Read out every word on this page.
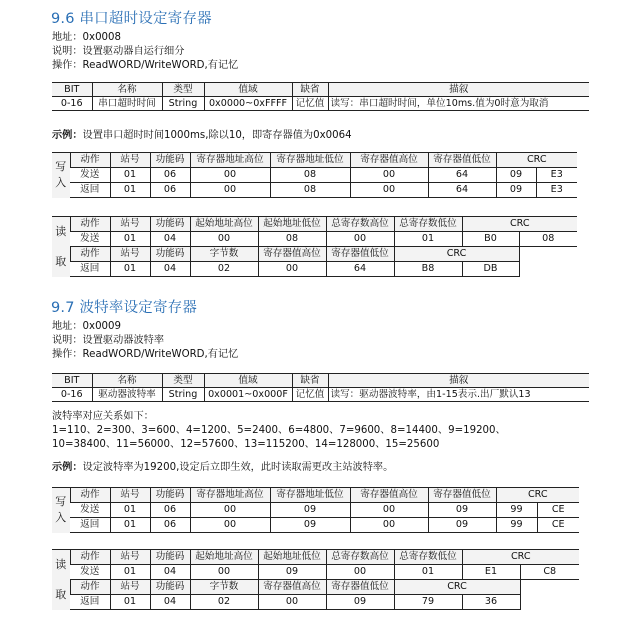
9.6 串口超时设定寄存器
地址：0x0008
说明：设置驱动器自运行细分
操作：ReadWORD/WriteWORD,有记忆
BIT	名称	类型	值域	缺省	描叙
0-16	串口超时时间	String	0x0000~0xFFFF	记忆值	读写：串口超时时间，单位10ms.值为0时意为取消
示例：设置串口超时时间1000ms,除以10，即寄存器值为0x0064
写
入	动作	站号	功能码	寄存器地址高位	寄存器地址低位	寄存器值高位	寄存器值低位	CRC	
	发送	01	06	00	08	00	64	09	E3
	返回	01	06	00	08	00	64	09	E3
读	动作	站号	功能码	起始地址高位	起始地址低位	总寄存数高位	总寄存数低位	CRC	
	发送	01	04	00	08	00	01	B0	08
取	动作	站号	功能码	字节数	寄存器值高位	寄存器值低位	CRC		
	返回	01	04	02	00	64	B8	DB	
9.7 波特率设定寄存器
地址：0x0009
说明：设置驱动器波特率
操作：ReadWORD/WriteWORD,有记忆
BIT	名称	类型	值域	缺省	描叙
0-16	驱动器波特率	String	0x0001~0x000F	记忆值	读写：驱动器波特率，由1-15表示.出厂默认13
波特率对应关系如下：
1=110、2=300、3=600、4=1200、5=2400、6=4800、7=9600、8=14400、9=19200、
10=38400、11=56000、12=57600、13=115200、14=128000、15=25600
示例：设定波特率为19200,设定后立即生效，此时读取需更改主站波特率。
写
入	动作	站号	功能码	寄存器地址高位	寄存器地址低位	寄存器值高位	寄存器值低位	CRC	
	发送	01	06	00	09	00	09	99	CE
	返回	01	06	00	09	00	09	99	CE
读	动作	站号	功能码	起始地址高位	起始地址低位	总寄存数高位	总寄存数低位	CRC	
	发送	01	04	00	09	00	01	E1	C8
取	动作	站号	功能码	字节数	寄存器值高位	寄存器值低位	CRC		
	返回	01	04	02	00	09	79	36	
